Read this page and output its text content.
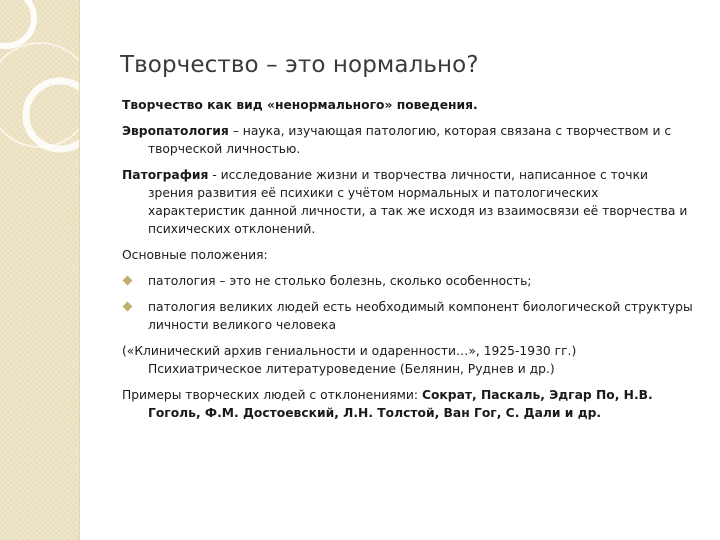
Творчество – это нормально?

Творчество как вид «ненормального» поведения.

Эвропатология – наука, изучающая патологию, которая связана с творчеством и с творческой личностью.

Патография - исследование жизни и творчества личности, написанное с точки зрения развития её психики с учётом нормальных и патологических характеристик данной личности, а так же исходя из взаимосвязи её творчества и психических отклонений.

Основные положения:

патология – это не столько болезнь, сколько особенность;
патология великих людей есть необходимый компонент биологической структуры личности великого человека

(«Клинический архив гениальности и одаренности…», 1925-1930 гг.) Психиатрическое литературоведение (Белянин, Руднев и др.)

Примеры творческих людей с отклонениями: Сократ, Паскаль, Эдгар По, Н.В. Гоголь, Ф.М. Достоевский, Л.Н. Толстой, Ван Гог, С. Дали и др.
